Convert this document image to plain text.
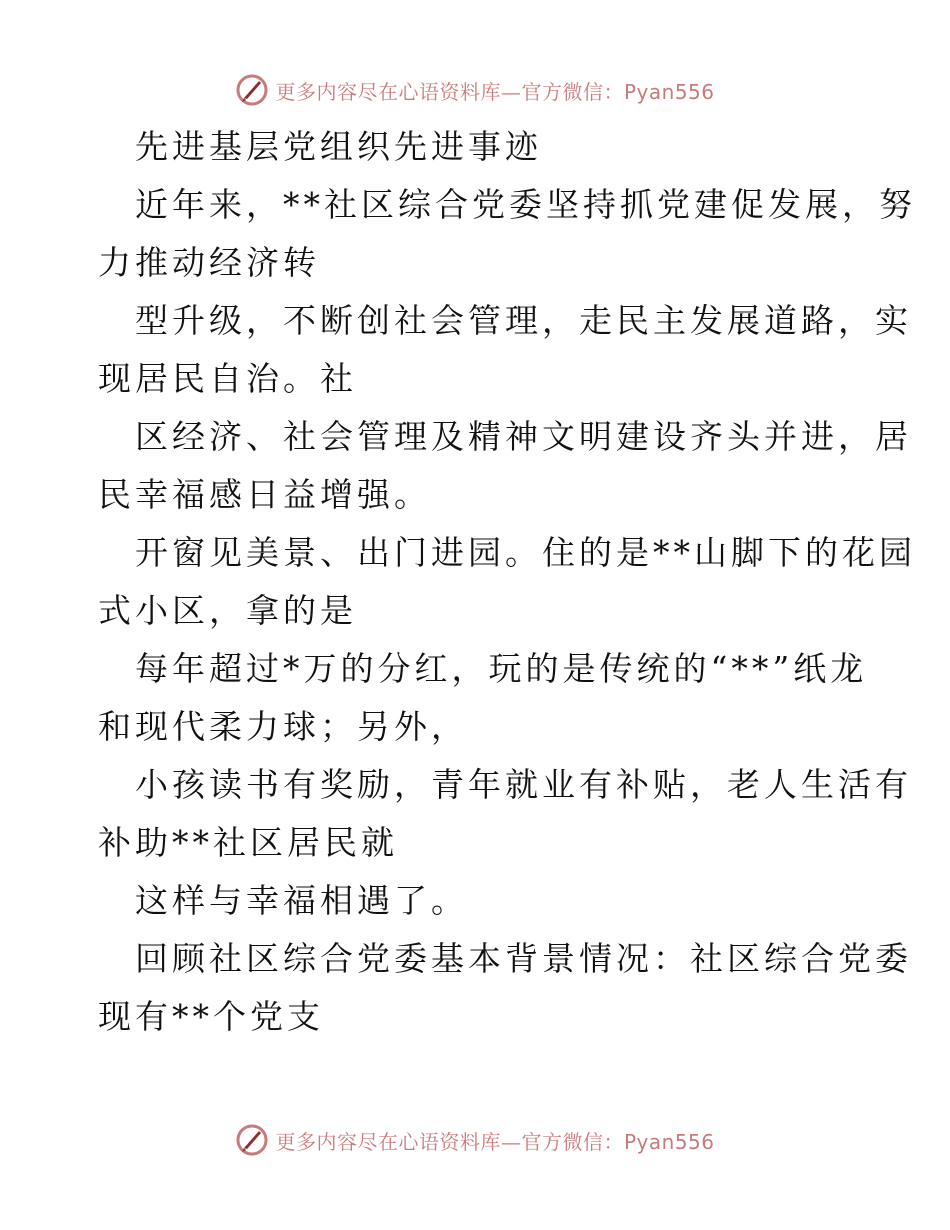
更多内容尽在心语资料库—官方微信：Pyan556

先进基层党组织先进事迹

近年来，**社区综合党委坚持抓党建促发展，努

力推动经济转

型升级，不断创社会管理，走民主发展道路，实

现居民自治。社

区经济、社会管理及精神文明建设齐头并进，居

民幸福感日益增强。

开窗见美景、出门进园。住的是**山脚下的花园

式小区，拿的是

每年超过*万的分红，玩的是传统的“**”纸龙

和现代柔力球；另外，

小孩读书有奖励，青年就业有补贴，老人生活有

补助**社区居民就

这样与幸福相遇了。

回顾社区综合党委基本背景情况：社区综合党委

现有**个党支

更多内容尽在心语资料库—官方微信：Pyan556
